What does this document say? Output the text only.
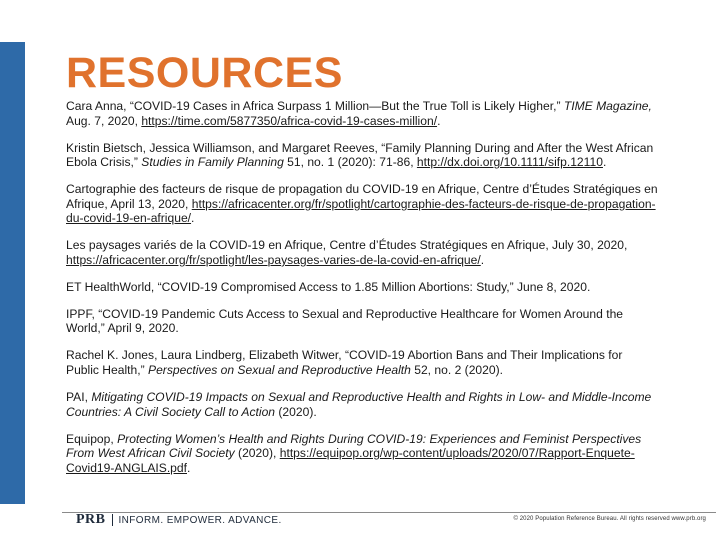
RESOURCES

Cara Anna, “COVID-19 Cases in Africa Surpass 1 Million—But the True Toll is Likely Higher,” TIME Magazine, Aug. 7, 2020, https://time.com/5877350/africa-covid-19-cases-million/.

Kristin Bietsch, Jessica Williamson, and Margaret Reeves, “Family Planning During and After the West African Ebola Crisis,” Studies in Family Planning 51, no. 1 (2020): 71-86, http://dx.doi.org/10.1111/sifp.12110.

Cartographie des facteurs de risque de propagation du COVID-19 en Afrique, Centre d’Études Stratégiques en Afrique, April 13, 2020, https://africacenter.org/fr/spotlight/cartographie-des-facteurs-de-risque-de-propagation-du-covid-19-en-afrique/.

Les paysages variés de la COVID-19 en Afrique, Centre d’Études Stratégiques en Afrique, July 30, 2020, https://africacenter.org/fr/spotlight/les-paysages-varies-de-la-covid-en-afrique/.

ET HealthWorld, “COVID-19 Compromised Access to 1.85 Million Abortions: Study,” June 8, 2020.

IPPF, “COVID-19 Pandemic Cuts Access to Sexual and Reproductive Healthcare for Women Around the World,” April 9, 2020.

Rachel K. Jones, Laura Lindberg, Elizabeth Witwer, “COVID-19 Abortion Bans and Their Implications for Public Health,” Perspectives on Sexual and Reproductive Health 52, no. 2 (2020).

PAI, Mitigating COVID-19 Impacts on Sexual and Reproductive Health and Rights in Low- and Middle-Income Countries: A Civil Society Call to Action (2020).

Equipop, Protecting Women’s Health and Rights During COVID-19: Experiences and Feminist Perspectives From West African Civil Society (2020), https://equipop.org/wp-content/uploads/2020/07/Rapport-Enquete-Covid19-ANGLAIS.pdf.

PRB INFORM. EMPOWER. ADVANCE.	© 2020 Population Reference Bureau. All rights reserved www.prb.org
